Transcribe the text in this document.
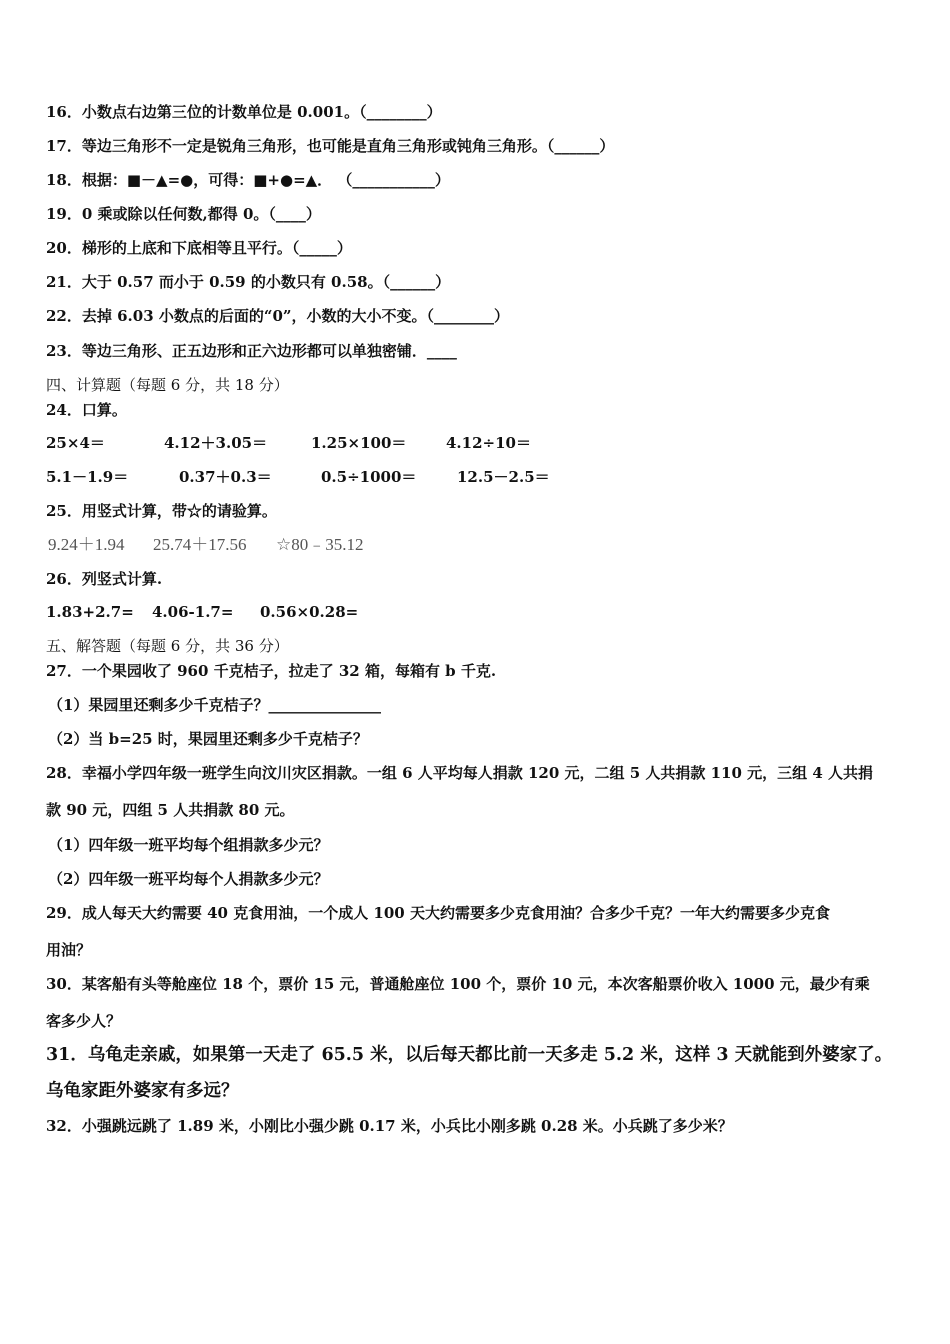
16．小数点右边第三位的计数单位是 0.001。（________）
17．等边三角形不一定是锐角三角形，也可能是直角三角形或钝角三角形。（______）
18．根据：■－▲=●，可得：■+●=▲． （___________）
19．0 乘或除以任何数,都得 0。（____）
20．梯形的上底和下底相等且平行。（_____）
21．大于 0.57 而小于 0.59 的小数只有 0.58。（______）
22．去掉 6.03 小数点的后面的“0”，小数的大小不变。（________）
23．等边三角形、正五边形和正六边形都可以单独密铺．____
四、计算题（每题 6 分，共 18 分）
24．口算。
25×4＝	4.12＋3.05＝	1.25×100＝	4.12÷10＝
5.1－1.9＝	0.37＋0.3＝	0.5÷1000＝	12.5－2.5＝
25．用竖式计算，带☆的请验算。
9.24＋1.94 25.74＋17.56 ☆80﹣35.12
26．列竖式计算.
1.83+2.7= 4.06-1.7= 0.56×0.28=
五、解答题（每题 6 分，共 36 分）
27．一个果园收了 960 千克桔子，拉走了 32 箱，每箱有 b 千克.
（1）果园里还剩多少千克桔子？_______________
（2）当 b=25 时，果园里还剩多少千克桔子？
28．幸福小学四年级一班学生向汶川灾区捐款。一组 6 人平均每人捐款 120 元，二组 5 人共捐款 110 元，三组 4 人共捐
款 90 元，四组 5 人共捐款 80 元。
（1）四年级一班平均每个组捐款多少元？
（2）四年级一班平均每个人捐款多少元？
29．成人每天大约需要 40 克食用油，一个成人 100 天大约需要多少克食用油？合多少千克？一年大约需要多少克食
用油？
30．某客船有头等舱座位 18 个，票价 15 元，普通舱座位 100 个，票价 10 元，本次客船票价收入 1000 元，最少有乘
客多少人？
31．乌龟走亲戚，如果第一天走了 65.5 米，以后每天都比前一天多走 5.2 米，这样 3 天就能到外婆家了。
乌龟家距外婆家有多远？
32．小强跳远跳了 1.89 米，小刚比小强少跳 0.17 米，小兵比小刚多跳 0.28 米。小兵跳了多少米？
